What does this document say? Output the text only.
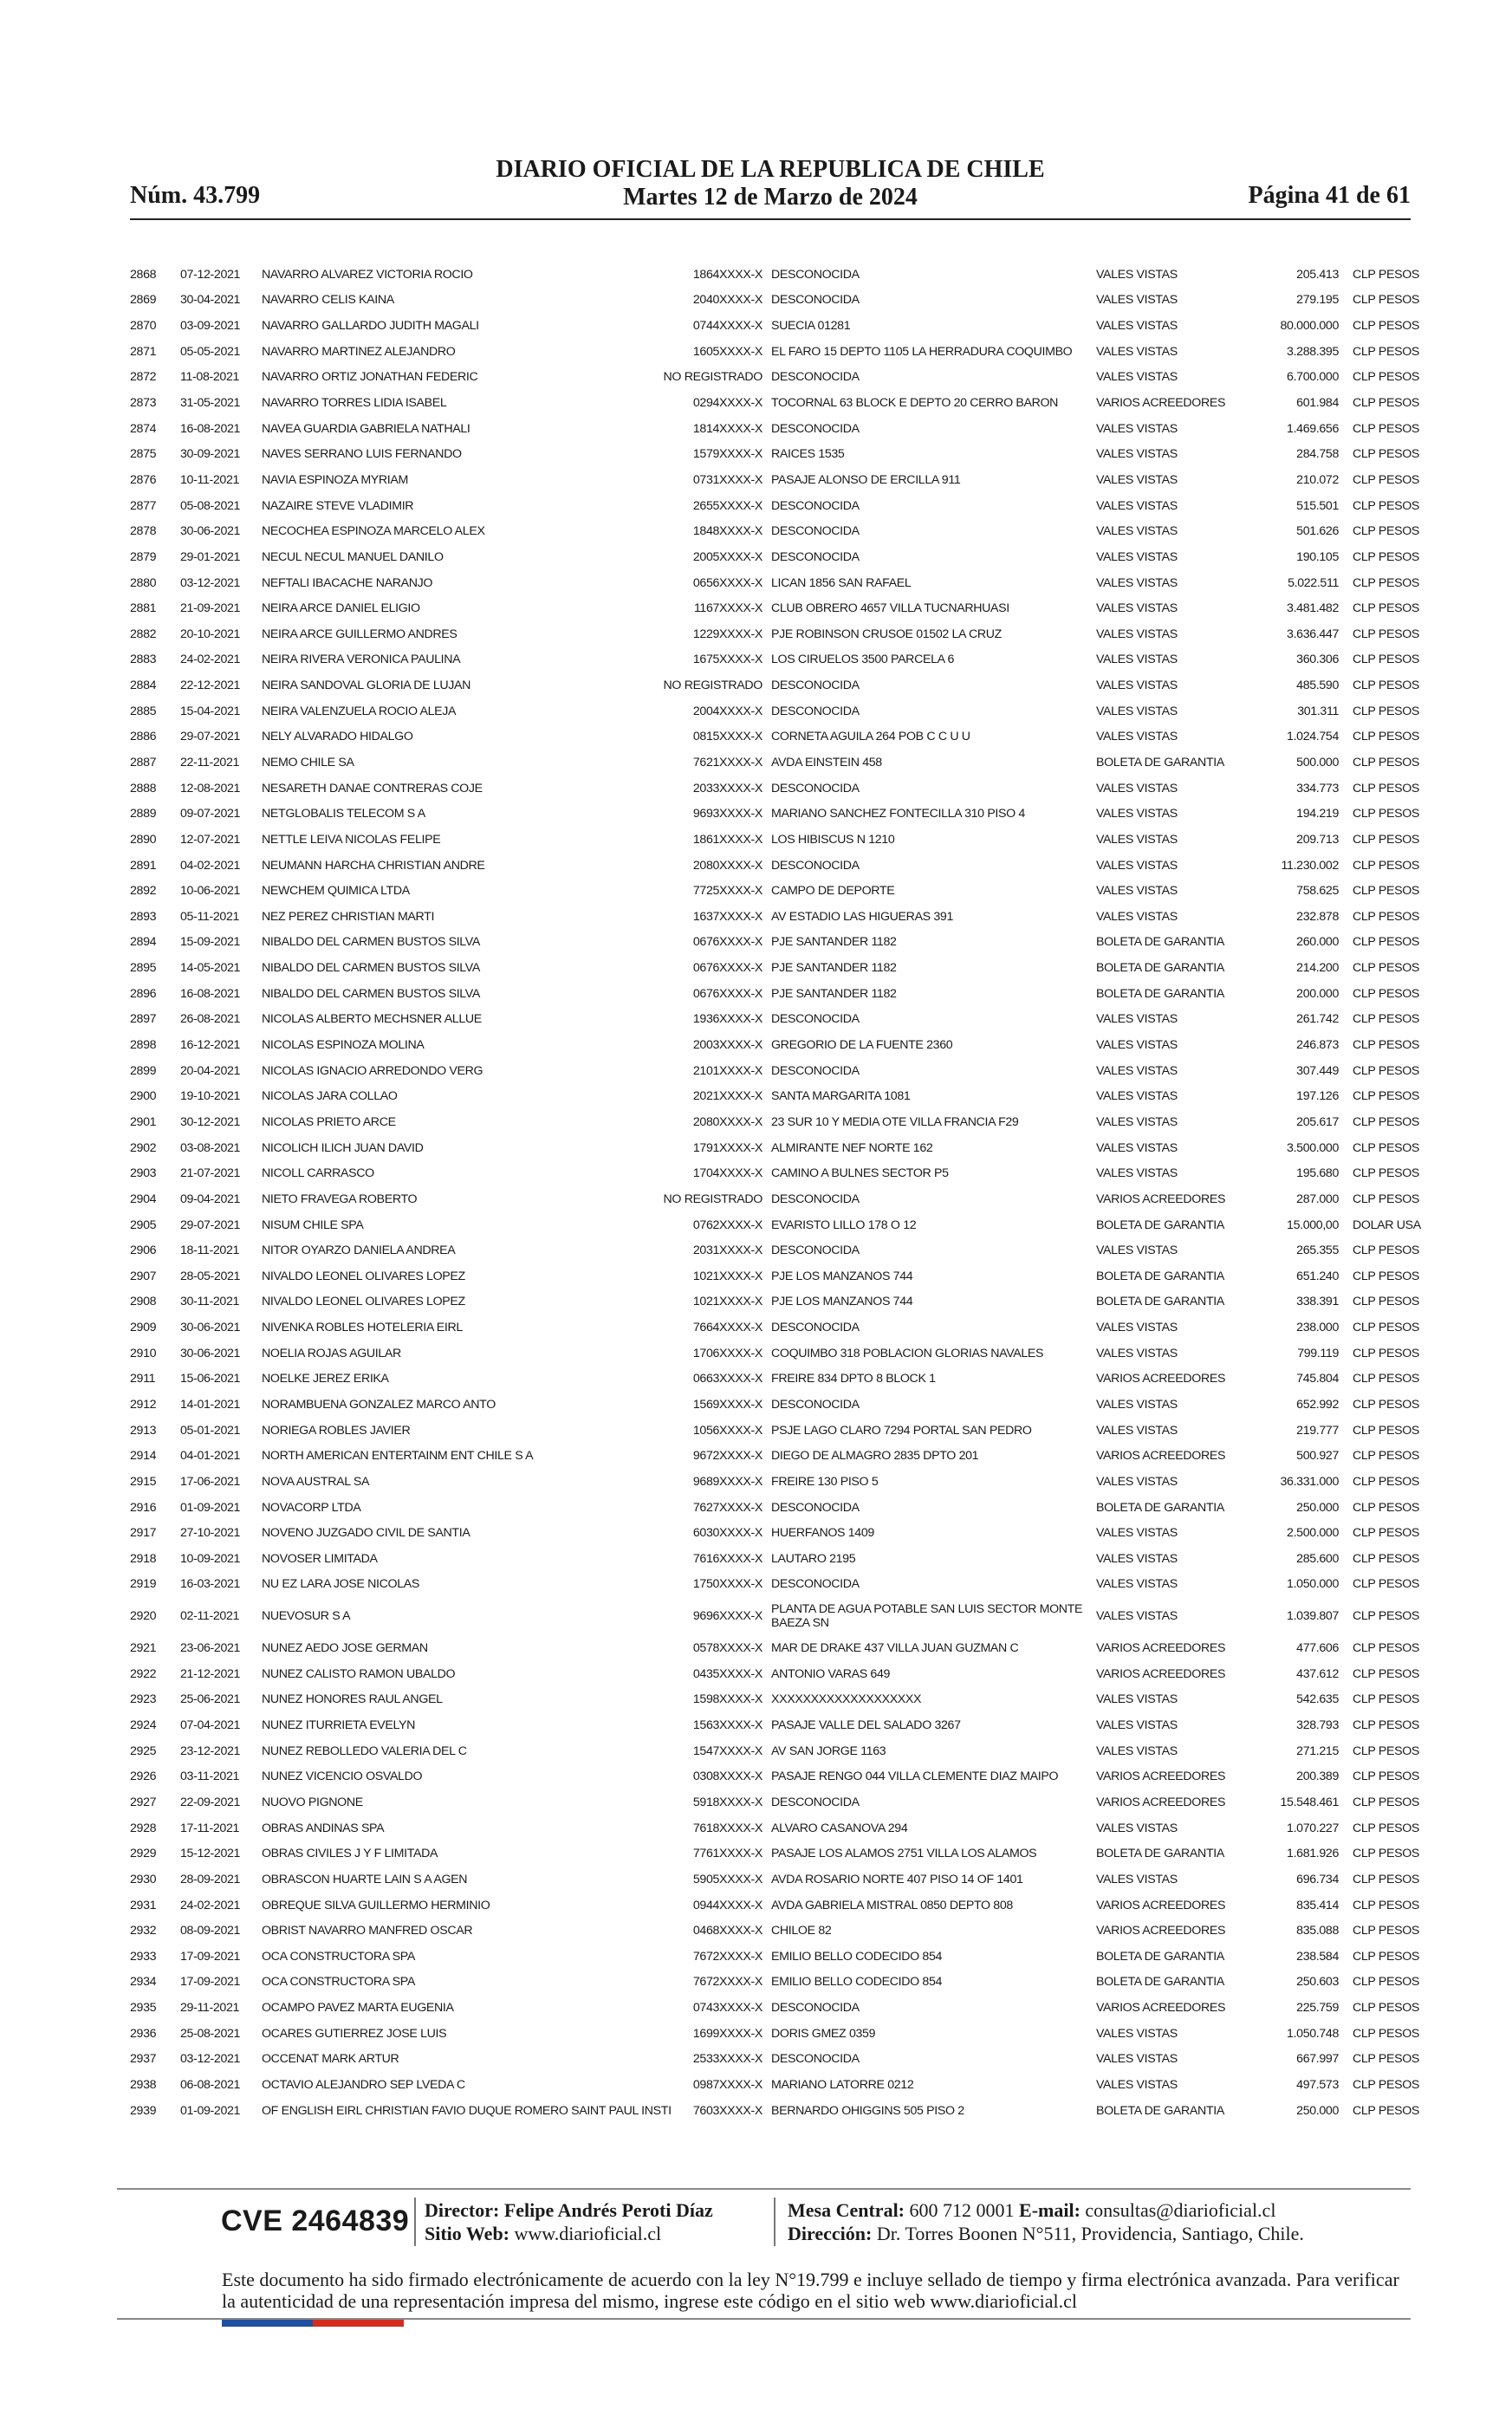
Núm. 43.799
DIARIO OFICIAL DE LA REPUBLICA DE CHILE
Martes 12 de Marzo de 2024	Página 41 de 61
2868	07-12-2021	NAVARRO ALVAREZ VICTORIA ROCIO	1864XXXX-X	DESCONOCIDA	VALES VISTAS	205.413	CLP PESOS
2869	30-04-2021	NAVARRO CELIS KAINA	2040XXXX-X	DESCONOCIDA	VALES VISTAS	279.195	CLP PESOS
2870	03-09-2021	NAVARRO GALLARDO JUDITH MAGALI	0744XXXX-X	SUECIA 01281	VALES VISTAS	80.000.000	CLP PESOS
2871	05-05-2021	NAVARRO MARTINEZ ALEJANDRO	1605XXXX-X	EL FARO 15 DEPTO 1105 LA HERRADURA COQUIMBO	VALES VISTAS	3.288.395	CLP PESOS
2872	11-08-2021	NAVARRO ORTIZ JONATHAN FEDERIC	NO REGISTRADO	DESCONOCIDA	VALES VISTAS	6.700.000	CLP PESOS
2873	31-05-2021	NAVARRO TORRES LIDIA ISABEL	0294XXXX-X	TOCORNAL 63 BLOCK E DEPTO 20 CERRO BARON	VARIOS ACREEDORES	601.984	CLP PESOS
2874	16-08-2021	NAVEA GUARDIA GABRIELA NATHALI	1814XXXX-X	DESCONOCIDA	VALES VISTAS	1.469.656	CLP PESOS
2875	30-09-2021	NAVES SERRANO LUIS FERNANDO	1579XXXX-X	RAICES 1535	VALES VISTAS	284.758	CLP PESOS
2876	10-11-2021	NAVIA ESPINOZA MYRIAM	0731XXXX-X	PASAJE ALONSO DE ERCILLA 911	VALES VISTAS	210.072	CLP PESOS
2877	05-08-2021	NAZAIRE STEVE VLADIMIR	2655XXXX-X	DESCONOCIDA	VALES VISTAS	515.501	CLP PESOS
2878	30-06-2021	NECOCHEA ESPINOZA MARCELO ALEX	1848XXXX-X	DESCONOCIDA	VALES VISTAS	501.626	CLP PESOS
2879	29-01-2021	NECUL NECUL MANUEL DANILO	2005XXXX-X	DESCONOCIDA	VALES VISTAS	190.105	CLP PESOS
2880	03-12-2021	NEFTALI IBACACHE NARANJO	0656XXXX-X	LICAN 1856 SAN RAFAEL	VALES VISTAS	5.022.511	CLP PESOS
2881	21-09-2021	NEIRA ARCE DANIEL ELIGIO	1167XXXX-X	CLUB OBRERO 4657 VILLA TUCNARHUASI	VALES VISTAS	3.481.482	CLP PESOS
2882	20-10-2021	NEIRA ARCE GUILLERMO ANDRES	1229XXXX-X	PJE ROBINSON CRUSOE 01502 LA CRUZ	VALES VISTAS	3.636.447	CLP PESOS
2883	24-02-2021	NEIRA RIVERA VERONICA PAULINA	1675XXXX-X	LOS CIRUELOS 3500 PARCELA 6	VALES VISTAS	360.306	CLP PESOS
2884	22-12-2021	NEIRA SANDOVAL GLORIA DE LUJAN	NO REGISTRADO	DESCONOCIDA	VALES VISTAS	485.590	CLP PESOS
2885	15-04-2021	NEIRA VALENZUELA ROCIO ALEJA	2004XXXX-X	DESCONOCIDA	VALES VISTAS	301.311	CLP PESOS
2886	29-07-2021	NELY ALVARADO HIDALGO	0815XXXX-X	CORNETA AGUILA 264 POB C C U U	VALES VISTAS	1.024.754	CLP PESOS
2887	22-11-2021	NEMO CHILE SA	7621XXXX-X	AVDA EINSTEIN 458	BOLETA DE GARANTIA	500.000	CLP PESOS
2888	12-08-2021	NESARETH DANAE CONTRERAS COJE	2033XXXX-X	DESCONOCIDA	VALES VISTAS	334.773	CLP PESOS
2889	09-07-2021	NETGLOBALIS TELECOM S A	9693XXXX-X	MARIANO SANCHEZ FONTECILLA 310 PISO 4	VALES VISTAS	194.219	CLP PESOS
2890	12-07-2021	NETTLE LEIVA NICOLAS FELIPE	1861XXXX-X	LOS HIBISCUS N 1210	VALES VISTAS	209.713	CLP PESOS
2891	04-02-2021	NEUMANN HARCHA CHRISTIAN ANDRE	2080XXXX-X	DESCONOCIDA	VALES VISTAS	11.230.002	CLP PESOS
2892	10-06-2021	NEWCHEM QUIMICA LTDA	7725XXXX-X	CAMPO DE DEPORTE	VALES VISTAS	758.625	CLP PESOS
2893	05-11-2021	NEZ PEREZ CHRISTIAN MARTI	1637XXXX-X	AV ESTADIO LAS HIGUERAS 391	VALES VISTAS	232.878	CLP PESOS
2894	15-09-2021	NIBALDO DEL CARMEN BUSTOS SILVA	0676XXXX-X	PJE SANTANDER 1182	BOLETA DE GARANTIA	260.000	CLP PESOS
2895	14-05-2021	NIBALDO DEL CARMEN BUSTOS SILVA	0676XXXX-X	PJE SANTANDER 1182	BOLETA DE GARANTIA	214.200	CLP PESOS
2896	16-08-2021	NIBALDO DEL CARMEN BUSTOS SILVA	0676XXXX-X	PJE SANTANDER 1182	BOLETA DE GARANTIA	200.000	CLP PESOS
2897	26-08-2021	NICOLAS ALBERTO MECHSNER ALLUE	1936XXXX-X	DESCONOCIDA	VALES VISTAS	261.742	CLP PESOS
2898	16-12-2021	NICOLAS ESPINOZA MOLINA	2003XXXX-X	GREGORIO DE LA FUENTE 2360	VALES VISTAS	246.873	CLP PESOS
2899	20-04-2021	NICOLAS IGNACIO ARREDONDO VERG	2101XXXX-X	DESCONOCIDA	VALES VISTAS	307.449	CLP PESOS
2900	19-10-2021	NICOLAS JARA COLLAO	2021XXXX-X	SANTA MARGARITA 1081	VALES VISTAS	197.126	CLP PESOS
2901	30-12-2021	NICOLAS PRIETO ARCE	2080XXXX-X	23 SUR 10 Y MEDIA OTE VILLA FRANCIA F29	VALES VISTAS	205.617	CLP PESOS
2902	03-08-2021	NICOLICH ILICH JUAN DAVID	1791XXXX-X	ALMIRANTE NEF NORTE 162	VALES VISTAS	3.500.000	CLP PESOS
2903	21-07-2021	NICOLL CARRASCO	1704XXXX-X	CAMINO A BULNES SECTOR P5	VALES VISTAS	195.680	CLP PESOS
2904	09-04-2021	NIETO FRAVEGA ROBERTO	NO REGISTRADO	DESCONOCIDA	VARIOS ACREEDORES	287.000	CLP PESOS
2905	29-07-2021	NISUM CHILE SPA	0762XXXX-X	EVARISTO LILLO 178 O 12	BOLETA DE GARANTIA	15.000,00	DOLAR USA
2906	18-11-2021	NITOR OYARZO DANIELA ANDREA	2031XXXX-X	DESCONOCIDA	VALES VISTAS	265.355	CLP PESOS
2907	28-05-2021	NIVALDO LEONEL OLIVARES LOPEZ	1021XXXX-X	PJE LOS MANZANOS 744	BOLETA DE GARANTIA	651.240	CLP PESOS
2908	30-11-2021	NIVALDO LEONEL OLIVARES LOPEZ	1021XXXX-X	PJE LOS MANZANOS 744	BOLETA DE GARANTIA	338.391	CLP PESOS
2909	30-06-2021	NIVENKA ROBLES HOTELERIA EIRL	7664XXXX-X	DESCONOCIDA	VALES VISTAS	238.000	CLP PESOS
2910	30-06-2021	NOELIA ROJAS AGUILAR	1706XXXX-X	COQUIMBO 318 POBLACION GLORIAS NAVALES	VALES VISTAS	799.119	CLP PESOS
2911	15-06-2021	NOELKE JEREZ ERIKA	0663XXXX-X	FREIRE 834 DPTO 8 BLOCK 1	VARIOS ACREEDORES	745.804	CLP PESOS
2912	14-01-2021	NORAMBUENA GONZALEZ MARCO ANTO	1569XXXX-X	DESCONOCIDA	VALES VISTAS	652.992	CLP PESOS
2913	05-01-2021	NORIEGA ROBLES JAVIER	1056XXXX-X	PSJE LAGO CLARO 7294 PORTAL SAN PEDRO	VALES VISTAS	219.777	CLP PESOS
2914	04-01-2021	NORTH AMERICAN ENTERTAINM ENT CHILE S A	9672XXXX-X	DIEGO DE ALMAGRO 2835 DPTO 201	VARIOS ACREEDORES	500.927	CLP PESOS
2915	17-06-2021	NOVA AUSTRAL SA	9689XXXX-X	FREIRE 130 PISO 5	VALES VISTAS	36.331.000	CLP PESOS
2916	01-09-2021	NOVACORP LTDA	7627XXXX-X	DESCONOCIDA	BOLETA DE GARANTIA	250.000	CLP PESOS
2917	27-10-2021	NOVENO JUZGADO CIVIL DE SANTIA	6030XXXX-X	HUERFANOS 1409	VALES VISTAS	2.500.000	CLP PESOS
2918	10-09-2021	NOVOSER LIMITADA	7616XXXX-X	LAUTARO 2195	VALES VISTAS	285.600	CLP PESOS
2919	16-03-2021	NU EZ LARA JOSE NICOLAS	1750XXXX-X	DESCONOCIDA	VALES VISTAS	1.050.000	CLP PESOS
2920	02-11-2021	NUEVOSUR S A	9696XXXX-X	PLANTA DE AGUA POTABLE SAN LUIS SECTOR MONTE BAEZA SN	VALES VISTAS	1.039.807	CLP PESOS
2921	23-06-2021	NUNEZ AEDO JOSE GERMAN	0578XXXX-X	MAR DE DRAKE 437 VILLA JUAN GUZMAN C	VARIOS ACREEDORES	477.606	CLP PESOS
2922	21-12-2021	NUNEZ CALISTO RAMON UBALDO	0435XXXX-X	ANTONIO VARAS 649	VARIOS ACREEDORES	437.612	CLP PESOS
2923	25-06-2021	NUNEZ HONORES RAUL ANGEL	1598XXXX-X	XXXXXXXXXXXXXXXXXXX	VALES VISTAS	542.635	CLP PESOS
2924	07-04-2021	NUNEZ ITURRIETA EVELYN	1563XXXX-X	PASAJE VALLE DEL SALADO 3267	VALES VISTAS	328.793	CLP PESOS
2925	23-12-2021	NUNEZ REBOLLEDO VALERIA DEL C	1547XXXX-X	AV SAN JORGE 1163	VALES VISTAS	271.215	CLP PESOS
2926	03-11-2021	NUNEZ VICENCIO OSVALDO	0308XXXX-X	PASAJE RENGO 044 VILLA CLEMENTE DIAZ MAIPO	VARIOS ACREEDORES	200.389	CLP PESOS
2927	22-09-2021	NUOVO PIGNONE	5918XXXX-X	DESCONOCIDA	VARIOS ACREEDORES	15.548.461	CLP PESOS
2928	17-11-2021	OBRAS ANDINAS SPA	7618XXXX-X	ALVARO CASANOVA 294	VALES VISTAS	1.070.227	CLP PESOS
2929	15-12-2021	OBRAS CIVILES J Y F LIMITADA	7761XXXX-X	PASAJE LOS ALAMOS 2751 VILLA LOS ALAMOS	BOLETA DE GARANTIA	1.681.926	CLP PESOS
2930	28-09-2021	OBRASCON HUARTE LAIN S A AGEN	5905XXXX-X	AVDA ROSARIO NORTE 407 PISO 14 OF 1401	VALES VISTAS	696.734	CLP PESOS
2931	24-02-2021	OBREQUE SILVA GUILLERMO HERMINIO	0944XXXX-X	AVDA GABRIELA MISTRAL 0850 DEPTO 808	VARIOS ACREEDORES	835.414	CLP PESOS
2932	08-09-2021	OBRIST NAVARRO MANFRED OSCAR	0468XXXX-X	CHILOE 82	VARIOS ACREEDORES	835.088	CLP PESOS
2933	17-09-2021	OCA CONSTRUCTORA SPA	7672XXXX-X	EMILIO BELLO CODECIDO 854	BOLETA DE GARANTIA	238.584	CLP PESOS
2934	17-09-2021	OCA CONSTRUCTORA SPA	7672XXXX-X	EMILIO BELLO CODECIDO 854	BOLETA DE GARANTIA	250.603	CLP PESOS
2935	29-11-2021	OCAMPO PAVEZ MARTA EUGENIA	0743XXXX-X	DESCONOCIDA	VARIOS ACREEDORES	225.759	CLP PESOS
2936	25-08-2021	OCARES GUTIERREZ JOSE LUIS	1699XXXX-X	DORIS GMEZ 0359	VALES VISTAS	1.050.748	CLP PESOS
2937	03-12-2021	OCCENAT MARK ARTUR	2533XXXX-X	DESCONOCIDA	VALES VISTAS	667.997	CLP PESOS
2938	06-08-2021	OCTAVIO ALEJANDRO SEP LVEDA C	0987XXXX-X	MARIANO LATORRE 0212	VALES VISTAS	497.573	CLP PESOS
2939	01-09-2021	OF ENGLISH EIRL CHRISTIAN FAVIO DUQUE ROMERO SAINT PAUL INSTI	7603XXXX-X	BERNARDO OHIGGINS 505 PISO 2	BOLETA DE GARANTIA	250.000	CLP PESOS
CVE 2464839 Director: Felipe Andrés Peroti Díaz
Sitio Web: www.diarioficial.cl
Mesa Central: 600 712 0001 E-mail: consultas@diarioficial.cl
Dirección: Dr. Torres Boonen N°511, Providencia, Santiago, Chile.
Este documento ha sido firmado electrónicamente de acuerdo con la ley N°19.799 e incluye sellado de tiempo y firma electrónica avanzada. Para verificar la autenticidad de una representación impresa del mismo, ingrese este código en el sitio web www.diarioficial.cl
